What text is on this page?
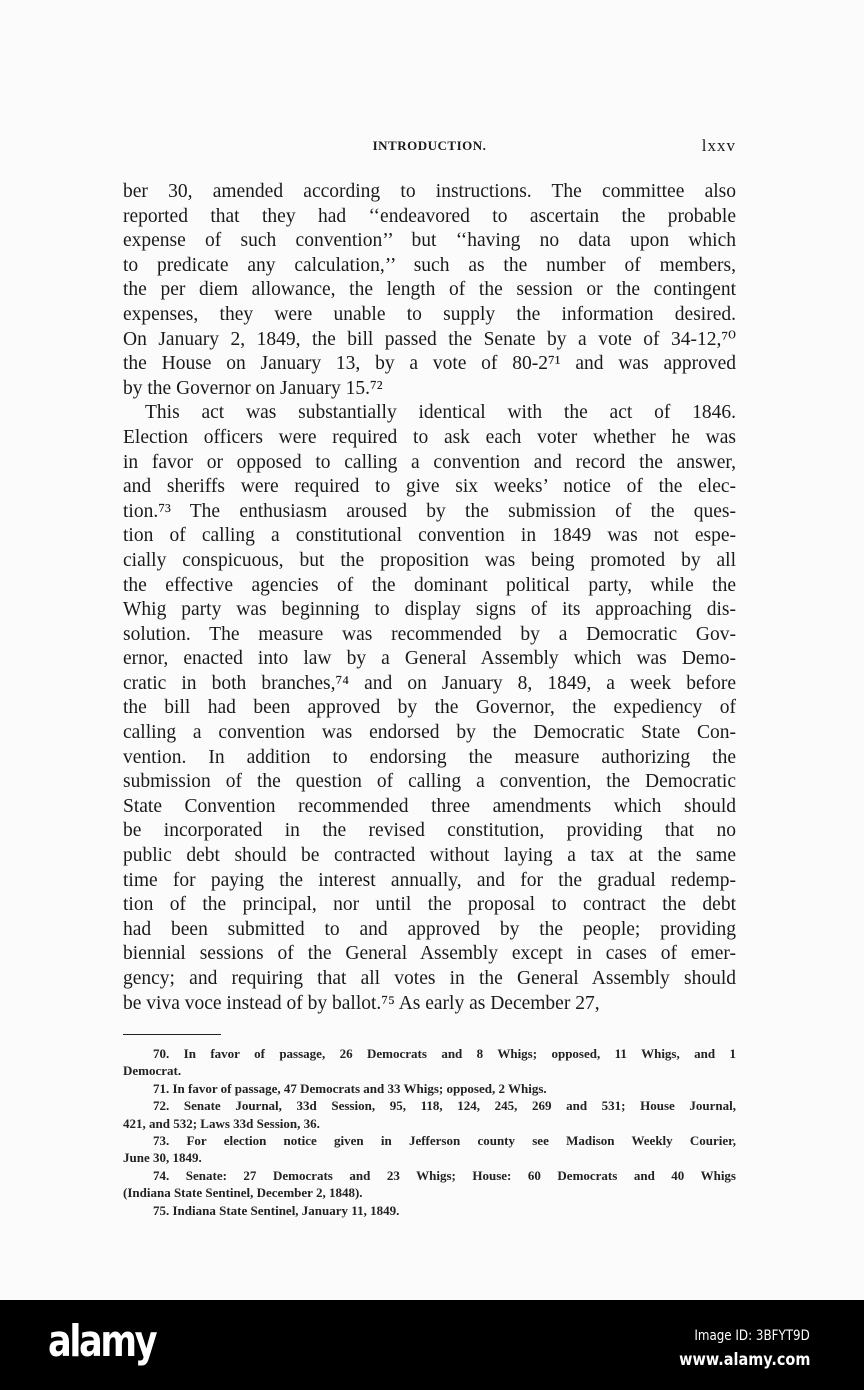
INTRODUCTION.	lxxv
ber 30, amended according to instructions. The committee also
reported that they had ‘‘endeavored to ascertain the probable
expense of such convention’’ but ‘‘having no data upon which
to predicate any calculation,’’ such as the number of members,
the per diem allowance, the length of the session or the contingent
expenses, they were unable to supply the information desired.
On January 2, 1849, the bill passed the Senate by a vote of 34-12,⁷⁰
the House on January 13, by a vote of 80-2⁷¹ and was approved
by the Governor on January 15.⁷²
This act was substantially identical with the act of 1846.
Election officers were required to ask each voter whether he was
in favor or opposed to calling a convention and record the answer,
and sheriffs were required to give six weeks’ notice of the elec-
tion.⁷³ The enthusiasm aroused by the submission of the ques-
tion of calling a constitutional convention in 1849 was not espe-
cially conspicuous, but the proposition was being promoted by all
the effective agencies of the dominant political party, while the
Whig party was beginning to display signs of its approaching dis-
solution. The measure was recommended by a Democratic Gov-
ernor, enacted into law by a General Assembly which was Demo-
cratic in both branches,⁷⁴ and on January 8, 1849, a week before
the bill had been approved by the Governor, the expediency of
calling a convention was endorsed by the Democratic State Con-
vention. In addition to endorsing the measure authorizing the
submission of the question of calling a convention, the Democratic
State Convention recommended three amendments which should
be incorporated in the revised constitution, providing that no
public debt should be contracted without laying a tax at the same
time for paying the interest annually, and for the gradual redemp-
tion of the principal, nor until the proposal to contract the debt
had been submitted to and approved by the people; providing
biennial sessions of the General Assembly except in cases of emer-
gency; and requiring that all votes in the General Assembly should
be viva voce instead of by ballot.⁷⁵ As early as December 27,
70. In favor of passage, 26 Democrats and 8 Whigs; opposed, 11 Whigs, and 1
Democrat.
71. In favor of passage, 47 Democrats and 33 Whigs; opposed, 2 Whigs.
72. Senate Journal, 33d Session, 95, 118, 124, 245, 269 and 531; House Journal,
421, and 532; Laws 33d Session, 36.
73. For election notice given in Jefferson county see Madison Weekly Courier,
June 30, 1849.
74. Senate: 27 Democrats and 23 Whigs; House: 60 Democrats and 40 Whigs
(Indiana State Sentinel, December 2, 1848).
75. Indiana State Sentinel, January 11, 1849.
alamy	Image ID: 3BFYT9D
www.alamy.com
